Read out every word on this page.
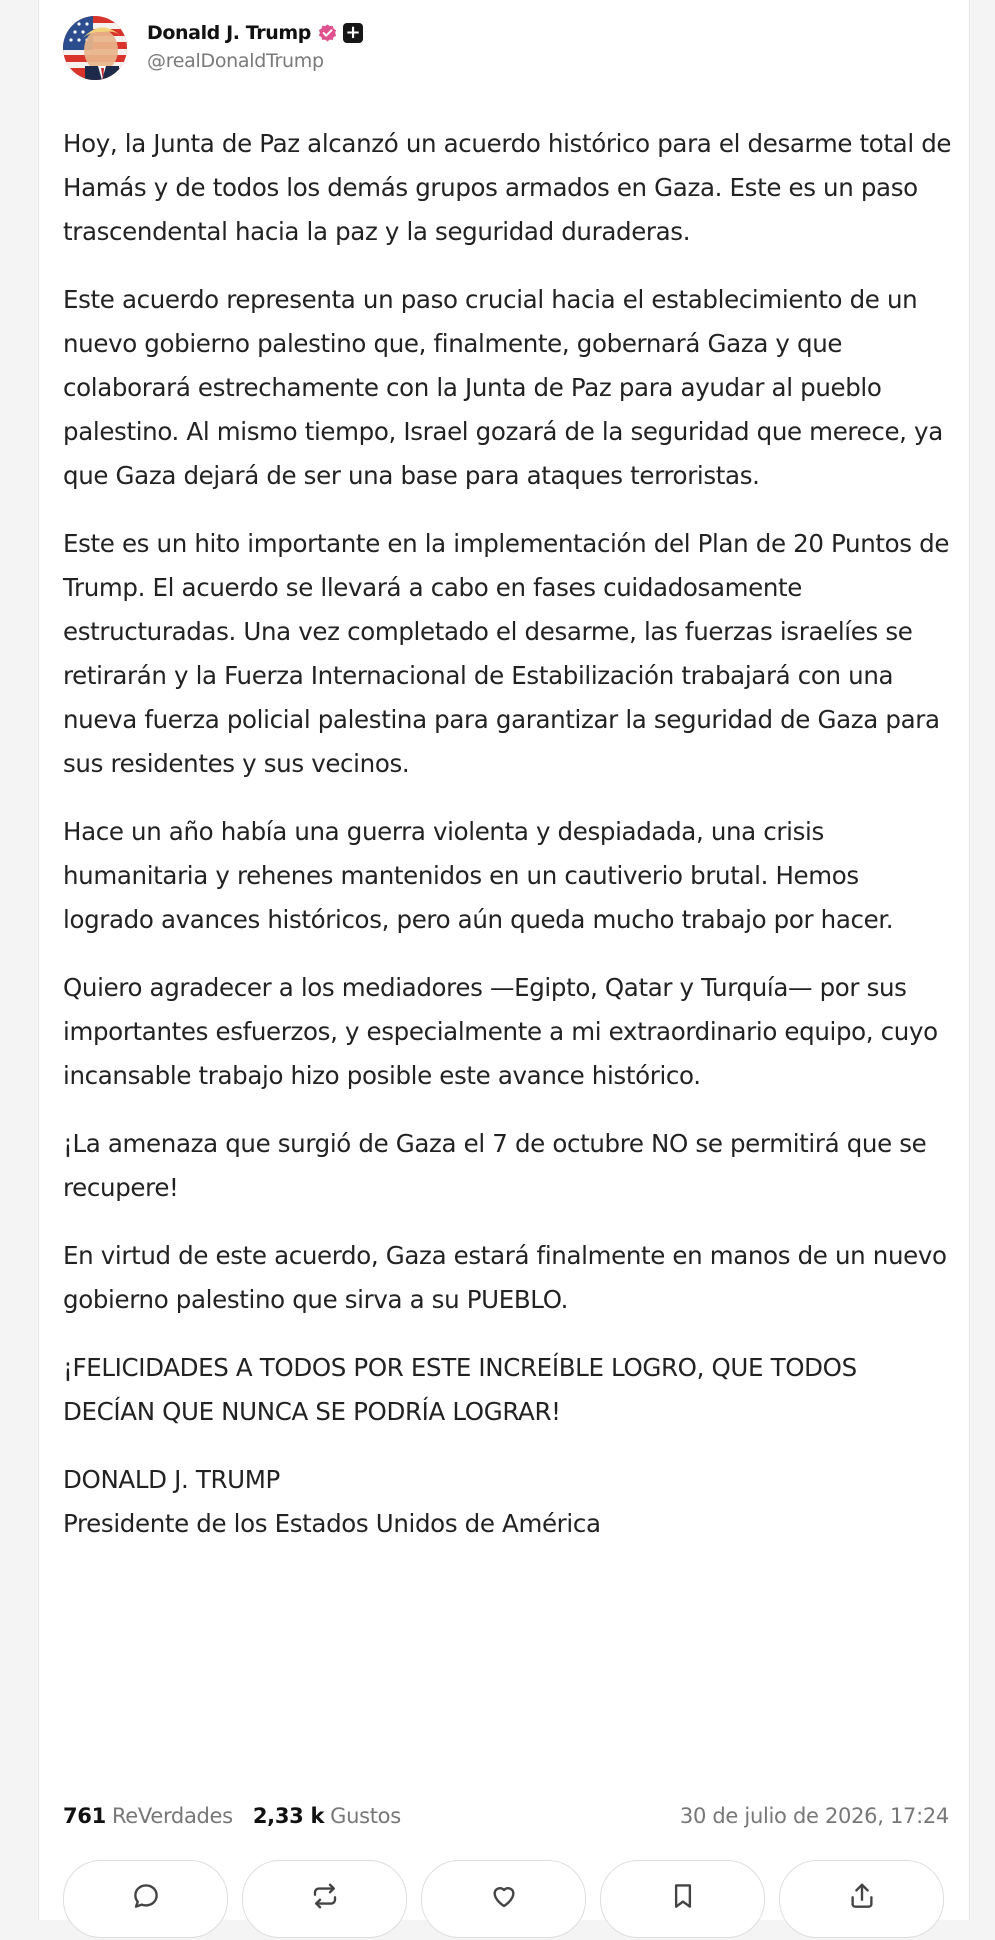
Donald J. Trump +
@realDonaldTrump

Hoy, la Junta de Paz alcanzó un acuerdo histórico para el desarme total de Hamás y de todos los demás grupos armados en Gaza. Este es un paso trascendental hacia la paz y la seguridad duraderas.

Este acuerdo representa un paso crucial hacia el establecimiento de un nuevo gobierno palestino que, finalmente, gobernará Gaza y que colaborará estrechamente con la Junta de Paz para ayudar al pueblo palestino. Al mismo tiempo, Israel gozará de la seguridad que merece, ya que Gaza dejará de ser una base para ataques terroristas.

Este es un hito importante en la implementación del Plan de 20 Puntos de Trump. El acuerdo se llevará a cabo en fases cuidadosamente estructuradas. Una vez completado el desarme, las fuerzas israelíes se retirarán y la Fuerza Internacional de Estabilización trabajará con una nueva fuerza policial palestina para garantizar la seguridad de Gaza para sus residentes y sus vecinos.

Hace un año había una guerra violenta y despiadada, una crisis humanitaria y rehenes mantenidos en un cautiverio brutal. Hemos logrado avances históricos, pero aún queda mucho trabajo por hacer.

Quiero agradecer a los mediadores —Egipto, Qatar y Turquía— por sus importantes esfuerzos, y especialmente a mi extraordinario equipo, cuyo incansable trabajo hizo posible este avance histórico.

¡La amenaza que surgió de Gaza el 7 de octubre NO se permitirá que se recupere!

En virtud de este acuerdo, Gaza estará finalmente en manos de un nuevo gobierno palestino que sirva a su PUEBLO.

¡FELICIDADES A TODOS POR ESTE INCREÍBLE LOGRO, QUE TODOS DECÍAN QUE NUNCA SE PODRÍA LOGRAR!

DONALD J. TRUMP
Presidente de los Estados Unidos de América

761 ReVerdades 2,33 k Gustos	30 de julio de 2026, 17:24
